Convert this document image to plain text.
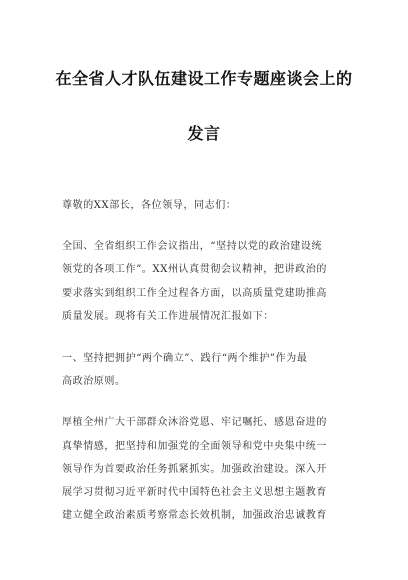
在全省人才队伍建设工作专题座谈会上的
发言
尊敬的XX部长，各位领导，同志们：
全国、全省组织工作会议指出，“坚持以党的政治建设统
领党的各项工作”。XX州认真贯彻会议精神，把讲政治的
要求落实到组织工作全过程各方面，以高质量党建助推高
质量发展。现将有关工作进展情况汇报如下：
一、坚持把拥护“两个确立”、践行“两个维护”作为最
高政治原则。
厚植全州广大干部群众沐浴党恩、牢记嘱托、感恩奋进的
真挚情感，把坚持和加强党的全面领导和党中央集中统一
领导作为首要政治任务抓紧抓实。加强政治建设。深入开
展学习贯彻习近平新时代中国特色社会主义思想主题教育
建立健全政治素质考察常态长效机制，加强政治忠诚教育
